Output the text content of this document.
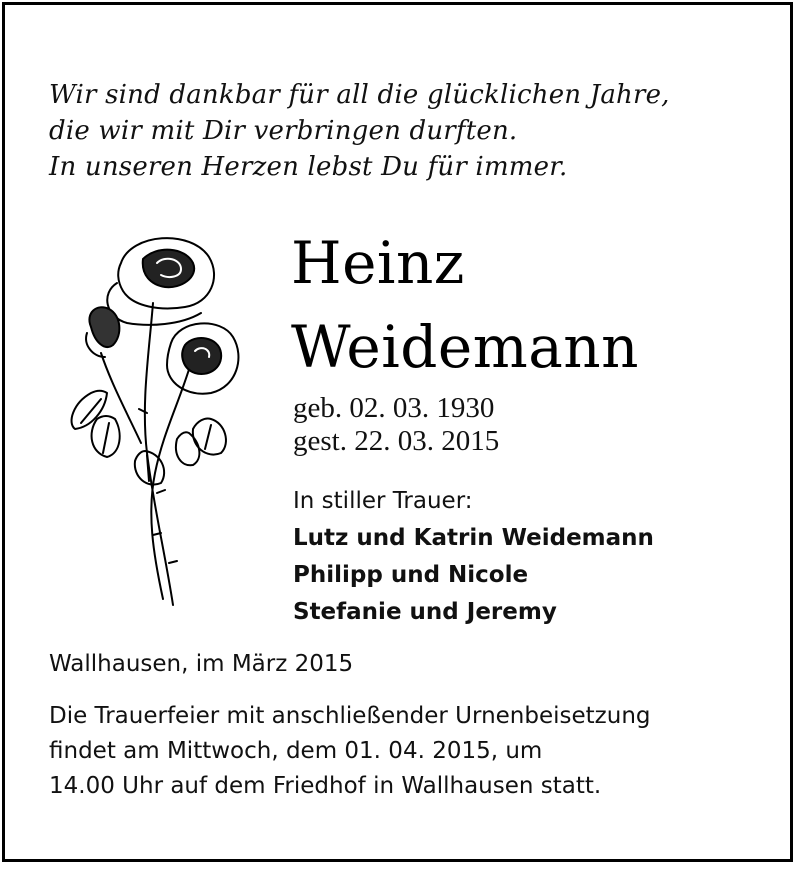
Wir sind dankbar für all die glücklichen Jahre,
die wir mit Dir verbringen durften.
In unseren Herzen lebst Du für immer.
Heinz
Weidemann
geb. 02. 03. 1930
gest. 22. 03. 2015
In stiller Trauer:
Lutz und Katrin Weidemann
Philipp und Nicole
Stefanie und Jeremy
Wallhausen, im März 2015
Die Trauerfeier mit anschließender Urnenbeisetzung
findet am Mittwoch, dem 01. 04. 2015, um
14.00 Uhr auf dem Friedhof in Wallhausen statt.
